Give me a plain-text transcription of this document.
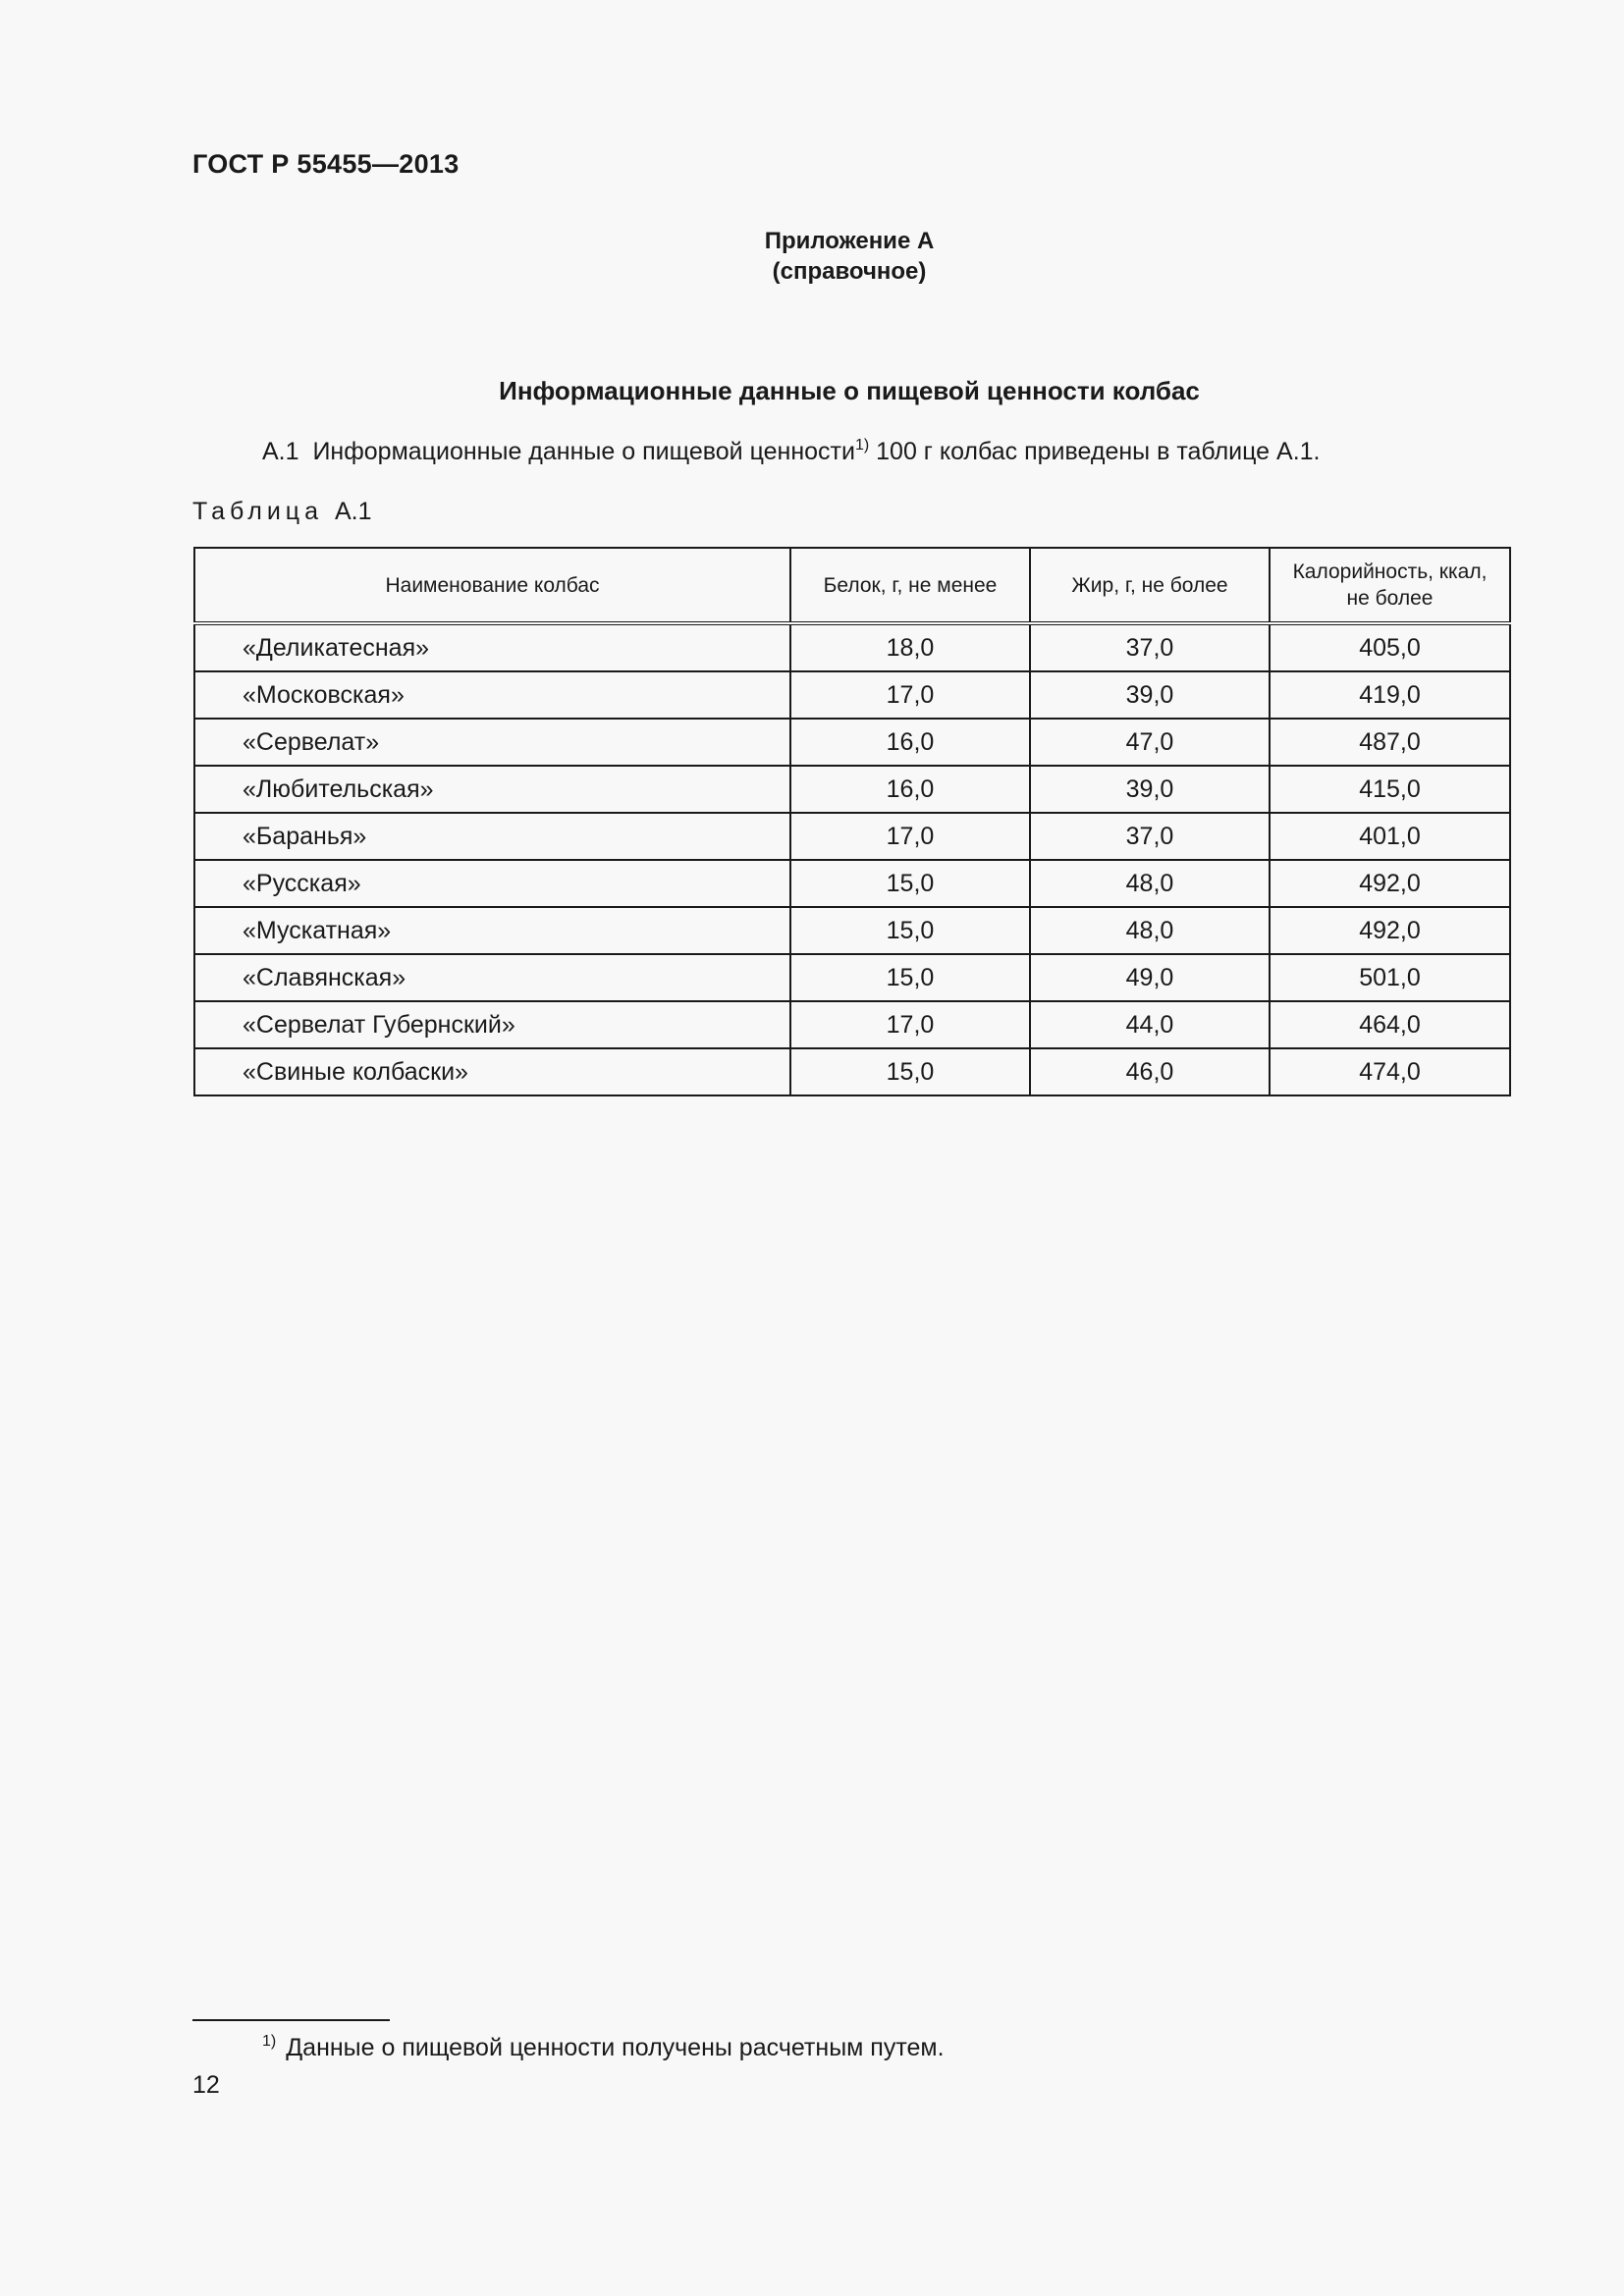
ГОСТ Р 55455—2013
Приложение А
(справочное)
Информационные данные о пищевой ценности колбас
А.1 Информационные данные о пищевой ценности$^{1)}$ 100 г колбас приведены в таблице А.1.
Таблица А.1
Наименование колбас	Белок, г, не менее	Жир, г, не более	Калорийность, ккал, не более
«Деликатесная»	18,0	37,0	405,0
«Московская»	17,0	39,0	419,0
«Сервелат»	16,0	47,0	487,0
«Любительская»	16,0	39,0	415,0
«Баранья»	17,0	37,0	401,0
«Русская»	15,0	48,0	492,0
«Мускатная»	15,0	48,0	492,0
«Славянская»	15,0	49,0	501,0
«Сервелат Губернский»	17,0	44,0	464,0
«Свиные колбаски»	15,0	46,0	474,0
$^{1)}$ Данные о пищевой ценности получены расчетным путем.
12
